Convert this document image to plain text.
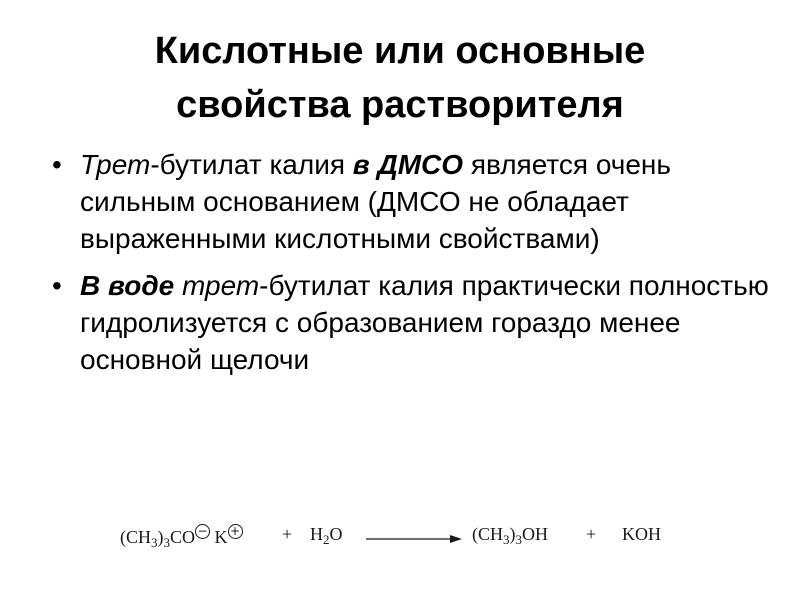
Кислотные или основные
свойства растворителя
• Трет-бутилат калия в ДМСО является очень сильным основанием (ДМСО не обладает выраженными кислотными свойствами)
• В воде трет-бутилат калия практически полностью гидролизуется с образованием гораздо менее основной щелочи
$(CH_3)_3CO - K$ + + $H_2O$	$(CH_3)_3OH$ + KOH
